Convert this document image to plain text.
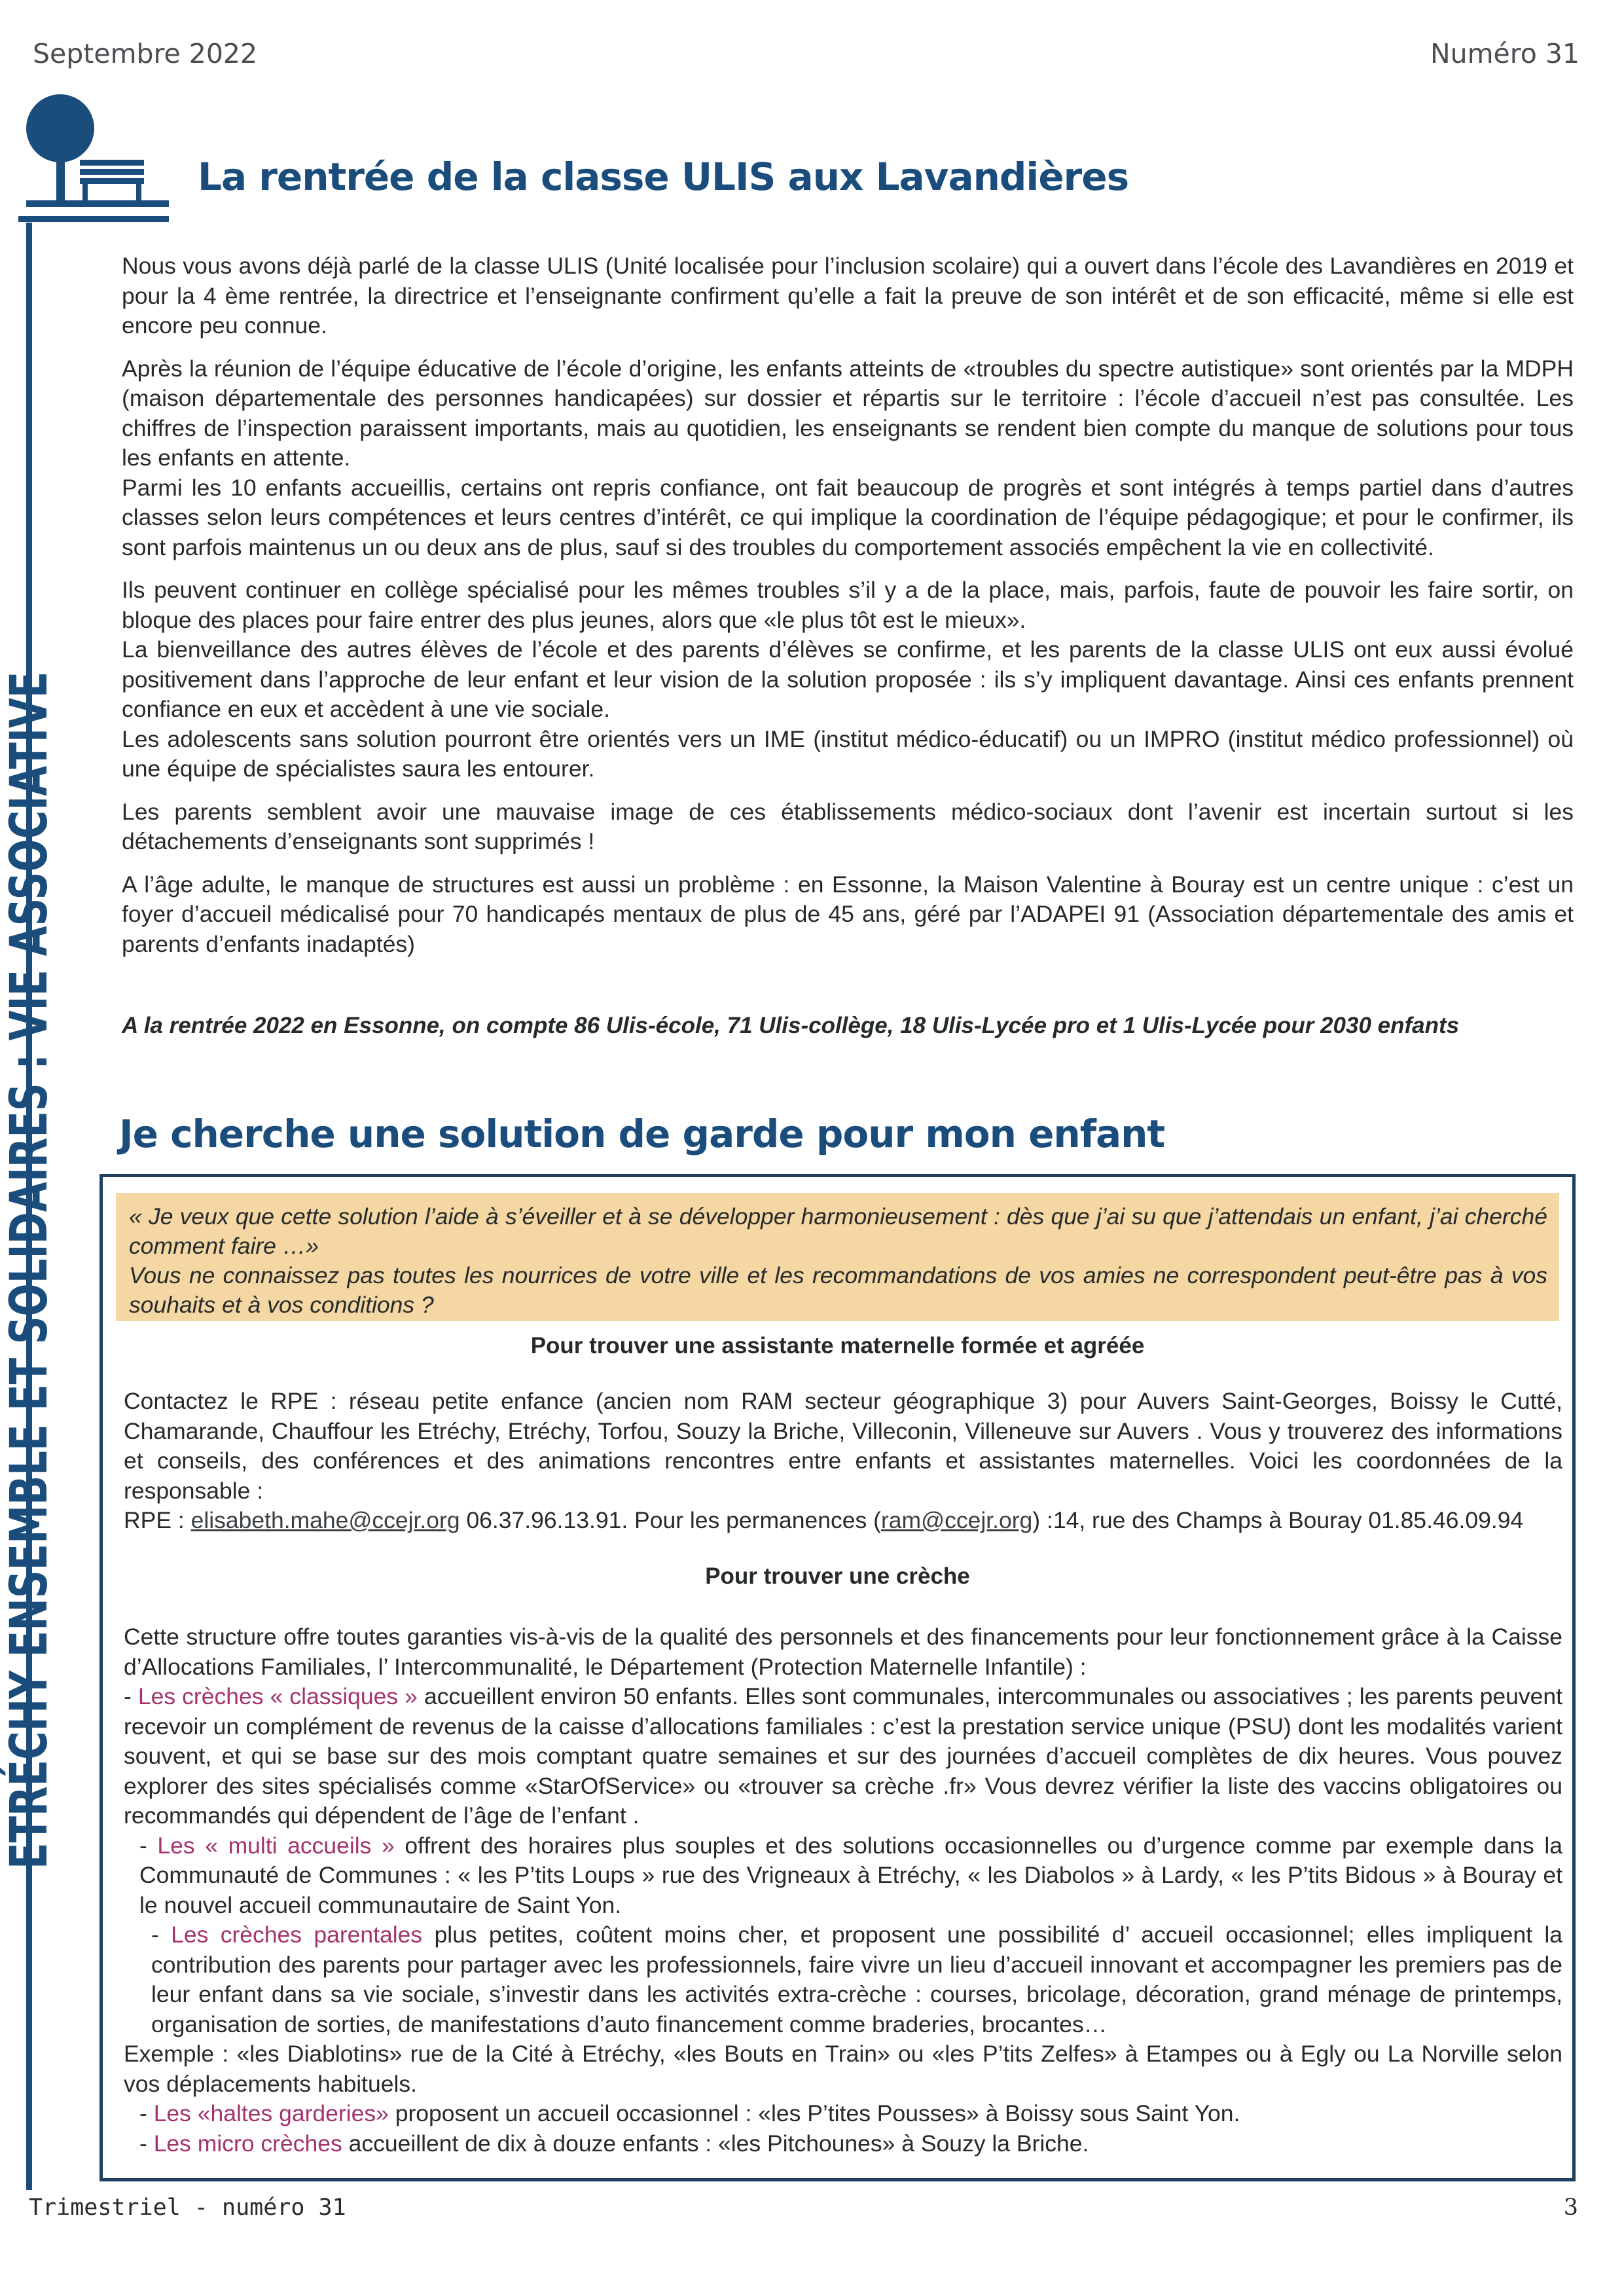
Septembre 2022	Numéro 31
ETRÉCHY ENSEMBLE ET SOLIDAIRES : VIE ASSOCIATIVE
La rentrée de la classe ULIS aux Lavandières

Nous vous avons déjà parlé de la classe ULIS (Unité localisée pour l’inclusion scolaire) qui a ouvert dans l’école des Lavandières en 2019 et pour la 4 ème rentrée, la directrice et l’enseignante confirment qu’elle a fait la preuve de son intérêt et de son efficacité, même si elle est encore peu connue.

Après la réunion de l’équipe éducative de l’école d’origine, les enfants atteints de «troubles du spectre autistique» sont orientés par la MDPH (maison départementale des personnes handicapées) sur dossier et répartis sur le territoire : l’école d’accueil n’est pas consultée. Les chiffres de l’inspection paraissent importants, mais au quotidien, les enseignants se rendent bien compte du manque de solutions pour tous les enfants en attente.

Parmi les 10 enfants accueillis, certains ont repris confiance, ont fait beaucoup de progrès et sont intégrés à temps partiel dans d’autres classes selon leurs compétences et leurs centres d’intérêt, ce qui implique la coordination de l’équipe pédagogique; et pour le confirmer, ils sont parfois maintenus un ou deux ans de plus, sauf si des troubles du comportement associés empêchent la vie en collectivité.

Ils peuvent continuer en collège spécialisé pour les mêmes troubles s’il y a de la place, mais, parfois, faute de pouvoir les faire sortir, on bloque des places pour faire entrer des plus jeunes, alors que «le plus tôt est le mieux».

La bienveillance des autres élèves de l’école et des parents d’élèves se confirme, et les parents de la classe ULIS ont eux aussi évolué positivement dans l’approche de leur enfant et leur vision de la solution proposée : ils s’y impliquent davantage. Ainsi ces enfants prennent confiance en eux et accèdent à une vie sociale.

Les adolescents sans solution pourront être orientés vers un IME (institut médico-éducatif) ou un IMPRO (institut médico professionnel) où une équipe de spécialistes saura les entourer.

Les parents semblent avoir une mauvaise image de ces établissements médico-sociaux dont l’avenir est incertain surtout si les détachements d’enseignants sont supprimés !

A l’âge adulte, le manque de structures est aussi un problème : en Essonne, la Maison Valentine à Bouray est un centre unique : c’est un foyer d’accueil médicalisé pour 70 handicapés mentaux de plus de 45 ans, géré par l’ADAPEI 91 (Association départementale des amis et parents d’enfants inadaptés)

A la rentrée 2022 en Essonne, on compte 86 Ulis-école, 71 Ulis-collège, 18 Ulis-Lycée pro et 1 Ulis-Lycée pour 2030 enfants
Je cherche une solution de garde pour mon enfant

« Je veux que cette solution l’aide à s’éveiller et à se développer harmonieusement : dès que j’ai su que j’attendais un enfant, j’ai cherché comment faire …»

Vous ne connaissez pas toutes les nourrices de votre ville et les recommandations de vos amies ne correspondent peut-être pas à vos souhaits et à vos conditions ?

Pour trouver une assistante maternelle formée et agréée

Contactez le RPE : réseau petite enfance (ancien nom RAM secteur géographique 3) pour Auvers Saint-Georges, Boissy le Cutté, Chamarande, Chauffour les Etréchy, Etréchy, Torfou, Souzy la Briche, Villeconin, Villeneuve sur Auvers . Vous y trouverez des informations et conseils, des conférences et des animations rencontres entre enfants et assistantes maternelles. Voici les coordonnées de la responsable :

RPE : elisabeth.mahe@ccejr.org 06.37.96.13.91. Pour les permanences (ram@ccejr.org) :14, rue des Champs à Bouray 01.85.46.09.94

Pour trouver une crèche

Cette structure offre toutes garanties vis-à-vis de la qualité des personnels et des financements pour leur fonctionnement grâce à la Caisse d’Allocations Familiales, l’ Intercommunalité, le Département (Protection Maternelle Infantile) :

- Les crèches « classiques » accueillent environ 50 enfants. Elles sont communales, intercommunales ou associatives ; les parents peuvent recevoir un complément de revenus de la caisse d’allocations familiales : c’est la prestation service unique (PSU) dont les modalités varient souvent, et qui se base sur des mois comptant quatre semaines et sur des journées d’accueil complètes de dix heures. Vous pouvez explorer des sites spécialisés comme «StarOfService» ou «trouver sa crèche .fr» Vous devrez vérifier la liste des vaccins obligatoires ou recommandés qui dépendent de l’âge de l’enfant .

- Les « multi accueils » offrent des horaires plus souples et des solutions occasionnelles ou d’urgence comme par exemple dans la Communauté de Communes : « les P’tits Loups » rue des Vrigneaux à Etréchy, « les Diabolos » à Lardy, « les P’tits Bidous » à Bouray et le nouvel accueil communautaire de Saint Yon.

- Les crèches parentales plus petites, coûtent moins cher, et proposent une possibilité d’ accueil occasionnel; elles impliquent la contribution des parents pour partager avec les professionnels, faire vivre un lieu d’accueil innovant et accompagner les premiers pas de leur enfant dans sa vie sociale, s’investir dans les activités extra-crèche : courses, bricolage, décoration, grand ménage de printemps, organisation de sorties, de manifestations d’auto financement comme braderies, brocantes…

Exemple : «les Diablotins» rue de la Cité à Etréchy, «les Bouts en Train» ou «les P’tits Zelfes» à Etampes ou à Egly ou La Norville selon vos déplacements habituels.

- Les «haltes garderies» proposent un accueil occasionnel : «les P’tites Pousses» à Boissy sous Saint Yon.

- Les micro crèches accueillent de dix à douze enfants : «les Pitchounes» à Souzy la Briche.

Trimestriel - numéro 31	3
